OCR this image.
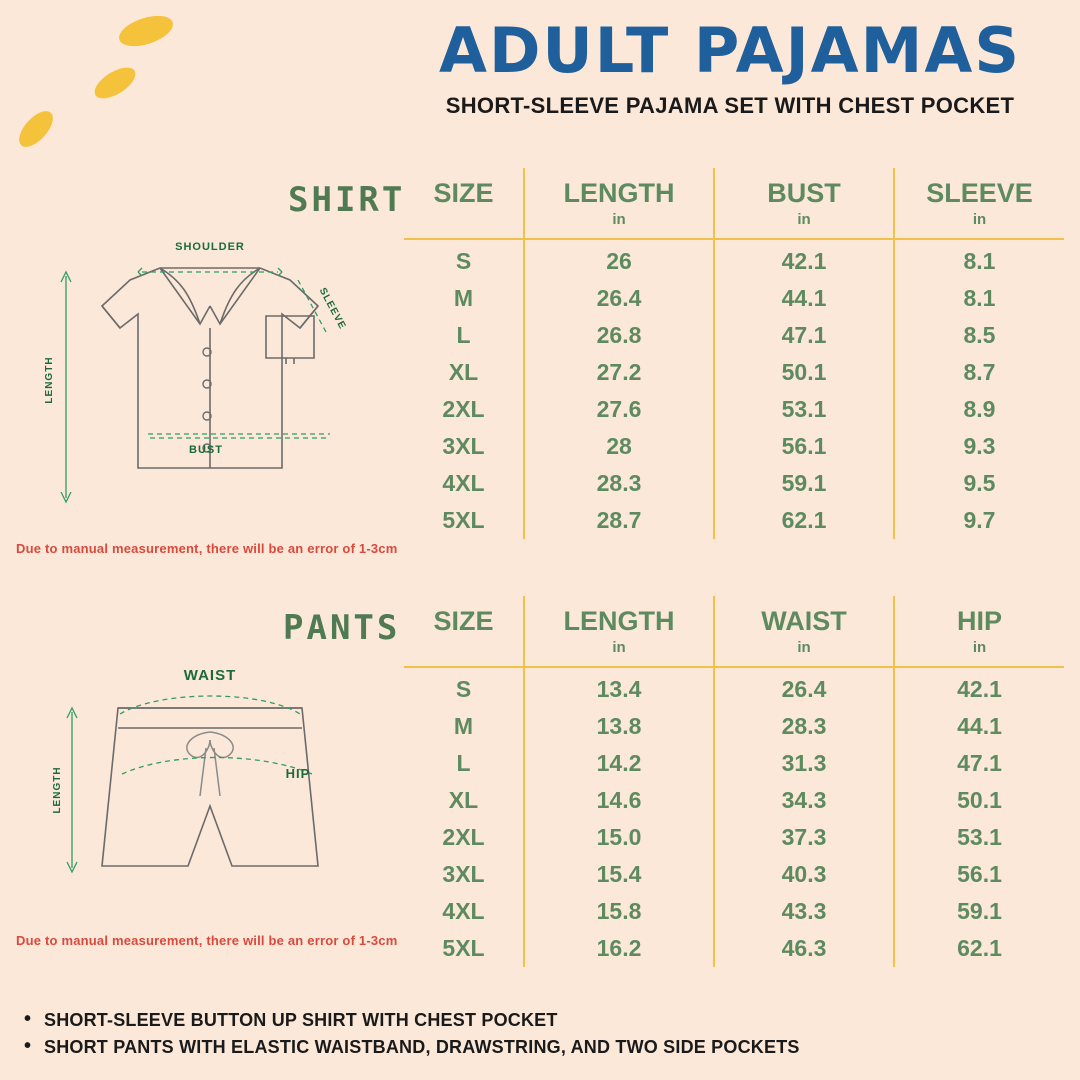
ADULT PAJAMAS
SHORT-SLEEVE PAJAMA SET WITH CHEST POCKET
SHIRT
SHOULDER
SLEEVE
LENGTH
BUST
Due to manual measurement, there will be an error of 1-3cm
SIZE	LENGTH	BUST	SLEEVE
	in	in	in
S	26	42.1	8.1
M	26.4	44.1	8.1
L	26.8	47.1	8.5
XL	27.2	50.1	8.7
2XL	27.6	53.1	8.9
3XL	28	56.1	9.3
4XL	28.3	59.1	9.5
5XL	28.7	62.1	9.7
PANTS
WAIST
HIP
LENGTH
Due to manual measurement, there will be an error of 1-3cm
SIZE	LENGTH	WAIST	HIP
	in	in	in
S	13.4	26.4	42.1
M	13.8	28.3	44.1
L	14.2	31.3	47.1
XL	14.6	34.3	50.1
2XL	15.0	37.3	53.1
3XL	15.4	40.3	56.1
4XL	15.8	43.3	59.1
5XL	16.2	46.3	62.1
• SHORT-SLEEVE BUTTON UP SHIRT WITH CHEST POCKET
• SHORT PANTS WITH ELASTIC WAISTBAND, DRAWSTRING, AND TWO SIDE POCKETS
